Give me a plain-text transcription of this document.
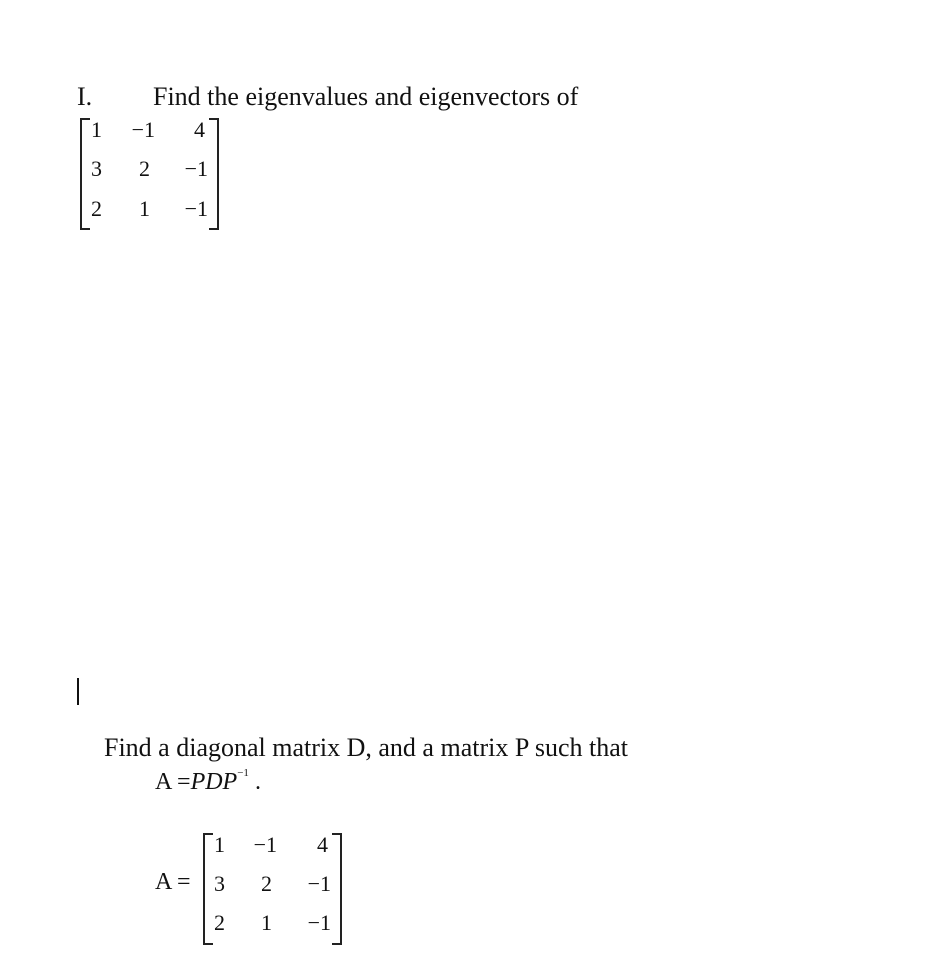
I. Find the eigenvalues and eigenvectors of
1	−1	4
3	2	−1
2	1	−1
Find a diagonal matrix D, and a matrix P such that
$A =PDP^{-1}$ .
A =
1	−1	4
3	2	−1
2	1	−1
